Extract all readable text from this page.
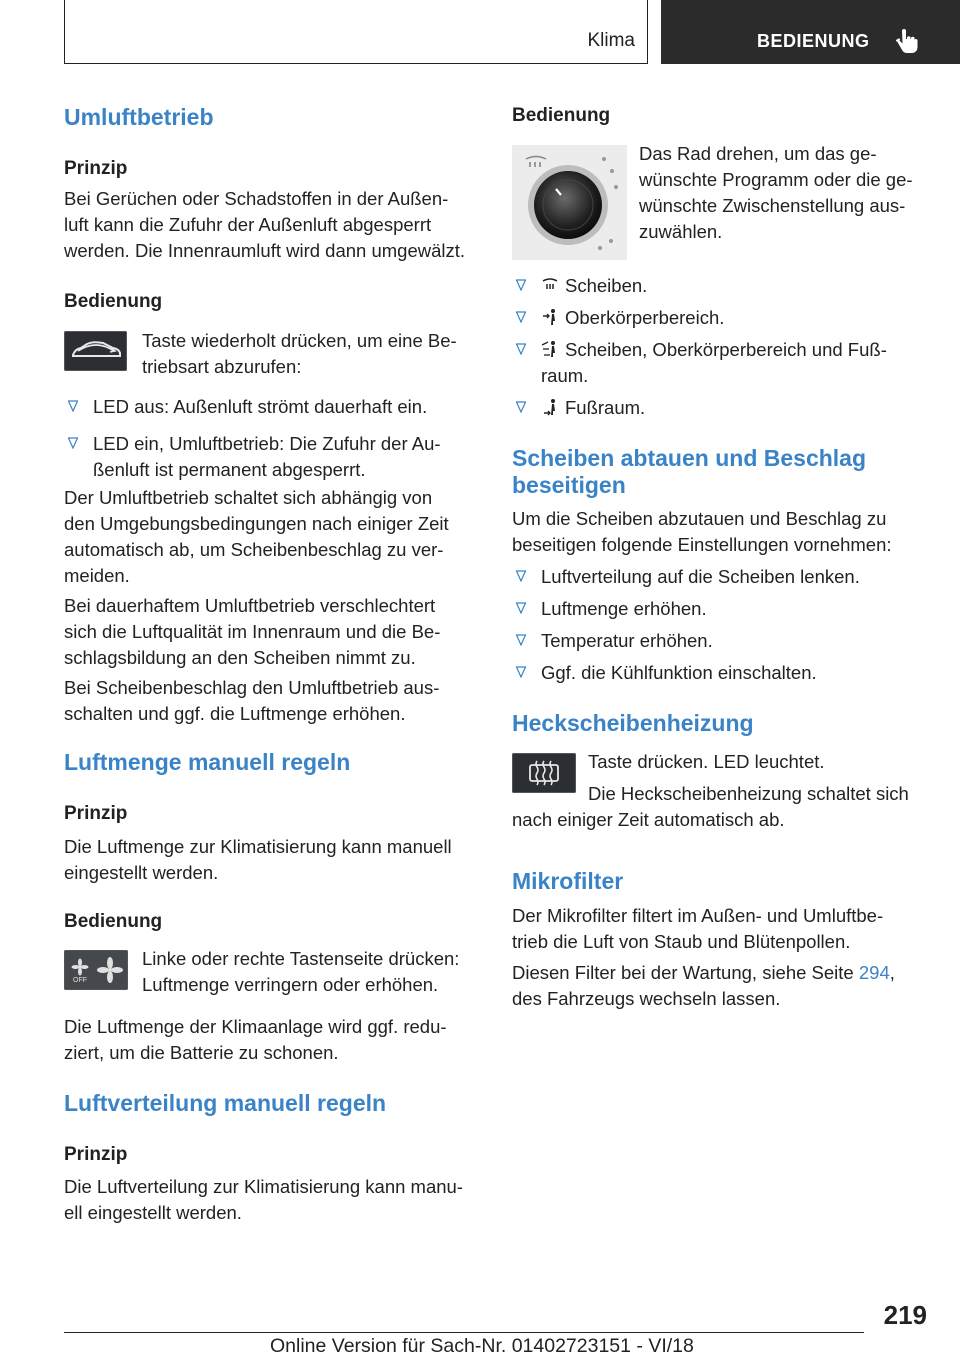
Klima	BEDIENUNG
Umluftbetrieb
Prinzip

Bei Gerüchen oder Schadstoffen in der Außen-

luft kann die Zufuhr der Außenluft abgesperrt

werden. Die Innenraumluft wird dann umgewälzt.

Bedienung
Taste wiederholt drücken, um eine Be-
triebsart abzurufen:
LED aus: Außenluft strömt dauerhaft ein.
LED ein, Umluftbetrieb: Die Zufuhr der Au-
ßenluft ist permanent abgesperrt.

Der Umluftbetrieb schaltet sich abhängig von

den Umgebungsbedingungen nach einiger Zeit

automatisch ab, um Scheibenbeschlag zu ver-

meiden.

Bei dauerhaftem Umluftbetrieb verschlechtert

sich die Luftqualität im Innenraum und die Be-

schlagsbildung an den Scheiben nimmt zu.

Bei Scheibenbeschlag den Umluftbetrieb aus-

schalten und ggf. die Luftmenge erhöhen.

Luftmenge manuell regeln
Prinzip

Die Luftmenge zur Klimatisierung kann manuell

eingestellt werden.

Bedienung
OFF
Linke oder rechte Tastenseite drücken:
Luftmenge verringern oder erhöhen.

Die Luftmenge der Klimaanlage wird ggf. redu-

ziert, um die Batterie zu schonen.

Luftverteilung manuell regeln
Prinzip

Die Luftverteilung zur Klimatisierung kann manu-

ell eingestellt werden.

Bedienung
Das Rad drehen, um das ge-
wünschte Programm oder die ge-
wünschte Zwischenstellung aus-
zuwählen.
Scheiben.
Oberkörperbereich.
Scheiben, Oberkörperbereich und Fuß-
raum.
Fußraum.
Scheiben abtauen und Beschlag
beseitigen

Um die Scheiben abzutauen und Beschlag zu

beseitigen folgende Einstellungen vornehmen:

Luftverteilung auf die Scheiben lenken.
Luftmenge erhöhen.
Temperatur erhöhen.
Ggf. die Kühlfunktion einschalten.
Heckscheibenheizung
Taste drücken. LED leuchtet.
Die Heckscheibenheizung schaltet sich

nach einiger Zeit automatisch ab.

Mikrofilter

Der Mikrofilter filtert im Außen- und Umluftbe-

trieb die Luft von Staub und Blütenpollen.

Diesen Filter bei der Wartung, siehe Seite 294,

des Fahrzeugs wechseln lassen.

219
Online Version für Sach-Nr. 01402723151 - VI/18
